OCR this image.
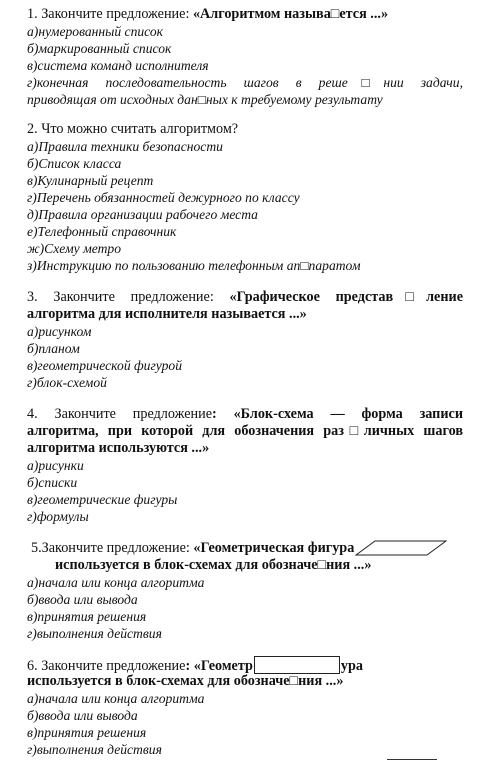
1. Закончите предложение: «Алгоритмом называ□ется ...»
а)нумерованный список
б)маркированный список
в)система команд исполнителя
г)конечная последовательность шагов в реше□нии задачи,
приводящая от исходных дан□ных к требуемому результату
2. Что можно считать алгоритмом?
а)Правила техники безопасности
б)Список класса
в)Кулинарный рецепт
г)Перечень обязанностей дежурного по классу
д)Правила организации рабочего места
е)Телефонный справочник
ж)Схему метро
з)Инструкцию по пользованию телефонным ап□паратом
3. Закончите предложение: «Графическое представ□ление
алгоритма для исполнителя называется ...»
а)рисунком
б)планом
в)геометрической фигурой
г)блок-схемой
4. Закончите предложение: «Блок-схема — форма записи
алгоритма, при которой для обозначения раз□личных шагов
алгоритма используются ...»
а)рисунки
б)списки
в)геометрические фигуры
г)формулы
5.Закончите предложение: «Геометрическая фигура
используется в блок-схемах для обозначе□ния ...»
а)начала или конца алгоритма
б)ввода или вывода
в)принятия решения
г)выполнения действия
6. Закончите предложение: «Геометр	ура
используется в блок-схемах для обозначе□ния ...»
а)начала или конца алгоритма
б)ввода или вывода
в)принятия решения
г)выполнения действия
